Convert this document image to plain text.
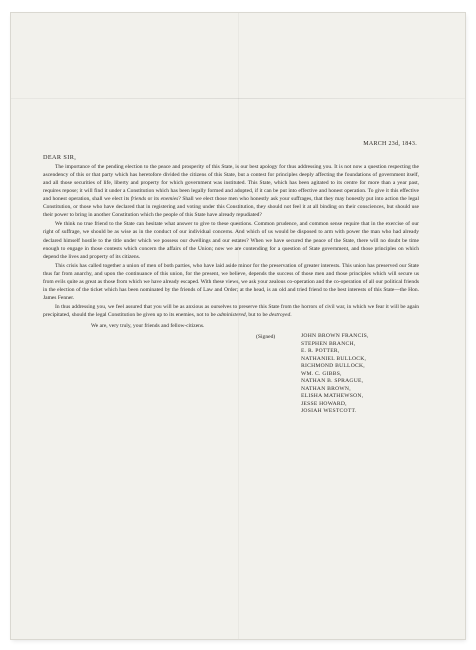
MARCH 23d, 1843.
DEAR SIR,

The importance of the pending election to the peace and prosperity of this State, is our best apology for thus addressing you. It is not now a question respecting the ascendency of this or that party which has heretofore divided the citizens of this State, but a contest for principles deeply affecting the foundations of government itself, and all those securities of life, liberty and property for which government was instituted. This State, which has been agitated to its centre for more than a year past, requires repose; it will find it under a Constitution which has been legally formed and adopted, if it can be put into effective and honest operation. To give it this effective and honest operation, shall we elect its friends or its enemies? Shall we elect those men who honestly ask your suffrages, that they may honestly put into action the legal Constitution, or those who have declared that in registering and voting under this Constitution, they should not feel it at all binding on their consciences, but should use their power to bring in another Constitution which the people of this State have already repudiated?

We think no true friend to the State can hesitate what answer to give to these questions. Common prudence, and common sense require that in the exercise of our right of suffrage, we should be as wise as in the conduct of our individual concerns. And which of us would be disposed to arm with power the man who had already declared himself hostile to the title under which we possess our dwellings and our estates? When we have secured the peace of the State, there will no doubt be time enough to engage in those contests which concern the affairs of the Union; now we are contending for a question of State government, and those principles on which depend the lives and property of its citizens.

This crisis has called together a union of men of both parties, who have laid aside minor for the preservation of greater interests. This union has preserved our State thus far from anarchy, and upon the continuance of this union, for the present, we believe, depends the success of those men and those principles which will secure us from evils quite as great as those from which we have already escaped. With these views, we ask your zealous co-operation and the co-operation of all our political friends in the election of the ticket which has been nominated by the friends of Law and Order; at the head, is an old and tried friend to the best interests of this State—the Hon. James Fenner.

In thus addressing you, we feel assured that you will be as anxious as ourselves to preserve this State from the horrors of civil war, in which we fear it will be again precipitated, should the legal Constitution be given up to its enemies, not to be administered, but to be destroyed.

We are, very truly, your friends and fellow-citizens.

(Signed)	JOHN BROWN FRANCIS,
STEPHEN BRANCH,
E. R. POTTER,
NATHANIEL BULLOCK,
RICHMOND BULLOCK,
WM. C. GIBBS,
NATHAN B. SPRAGUE,
NATHAN BROWN,
ELISHA MATHEWSON,
JESSE HOWARD,
JOSIAH WESTCOTT.
